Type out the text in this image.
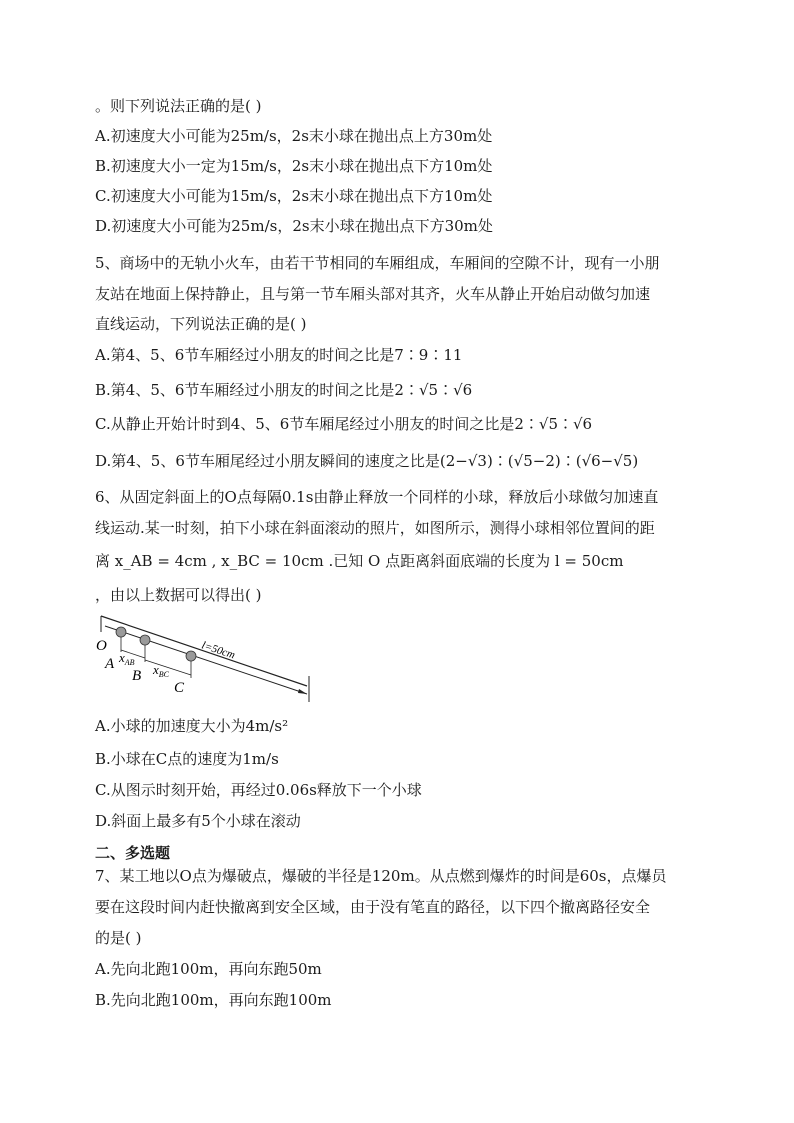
。则下列说法正确的是( )
A.初速度大小可能为25m/s，2s末小球在抛出点上方30m处
B.初速度大小一定为15m/s，2s末小球在抛出点下方10m处
C.初速度大小可能为15m/s，2s末小球在抛出点下方10m处
D.初速度大小可能为25m/s，2s末小球在抛出点下方30m处
5、商场中的无轨小火车，由若干节相同的车厢组成，车厢间的空隙不计，现有一小朋
友站在地面上保持静止，且与第一节车厢头部对其齐，火车从静止开始启动做匀加速
直线运动，下列说法正确的是( )
A.第4、5、6节车厢经过小朋友的时间之比是7∶9∶11
B.第4、5、6节车厢经过小朋友的时间之比是2∶√5∶√6
C.从静止开始计时到4、5、6节车厢尾经过小朋友的时间之比是2∶√5∶√6
D.第4、5、6节车厢尾经过小朋友瞬间的速度之比是(2−√3)∶(√5−2)∶(√6−√5)
6、从固定斜面上的O点每隔0.1s由静止释放一个同样的小球，释放后小球做匀加速直
线运动.某一时刻，拍下小球在斜面滚动的照片，如图所示，测得小球相邻位置间的距
离 x_AB = 4cm , x_BC = 10cm .已知 O 点距离斜面底端的长度为 l = 50cm
，由以上数据可以得出( )
O
A
B
C
$x_{AB}$ $x_{BC}$
l=50cm
A.小球的加速度大小为4m/s²
B.小球在C点的速度为1m/s
C.从图示时刻开始，再经过0.06s释放下一个小球
D.斜面上最多有5个小球在滚动
二、多选题
7、某工地以O点为爆破点，爆破的半径是120m。从点燃到爆炸的时间是60s，点爆员
要在这段时间内赶快撤离到安全区域，由于没有笔直的路径，以下四个撤离路径安全
的是( )
A.先向北跑100m，再向东跑50m
B.先向北跑100m，再向东跑100m
